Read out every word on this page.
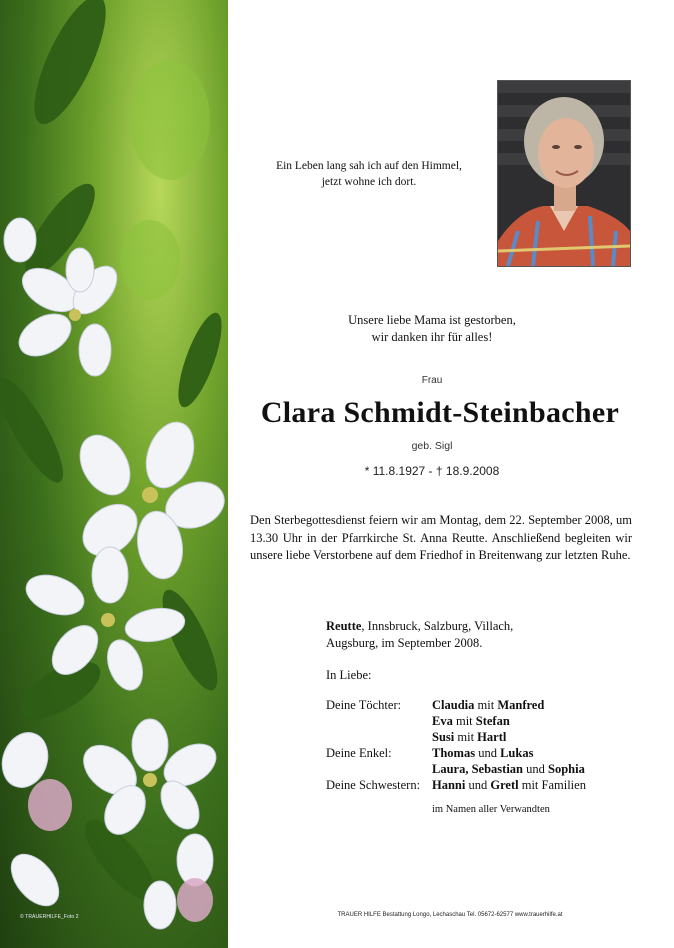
© TRAUERHILFE_Foto 2
Ein Leben lang sah ich auf den Himmel,
jetzt wohne ich dort.
Unsere liebe Mama ist gestorben,
wir danken ihr für alles!
Frau
Clara Schmidt-Steinbacher
geb. Sigl
* 11.8.1927 - † 18.9.2008
Den Sterbegottesdienst feiern wir am Montag, dem 22. September 2008, um 13.30 Uhr in der Pfarrkirche St. Anna Reutte. Anschließend begleiten wir unsere liebe Verstorbene auf dem Friedhof in Breitenwang zur letzten Ruhe.
Reutte, Innsbruck, Salzburg, Villach,
Augsburg, im September 2008.
In Liebe:
Deine Töchter: Claudia mit Manfred
Eva mit Stefan
Susi mit Hartl
Deine Enkel:	Thomas und Lukas
Laura, Sebastian und Sophia
Deine Schwestern: Hanni und Gretl mit Familien
im Namen aller Verwandten
TRAUER HILFE Bestattung Longo, Lechaschau Tel. 05672-62577 www.trauerhilfe.at
